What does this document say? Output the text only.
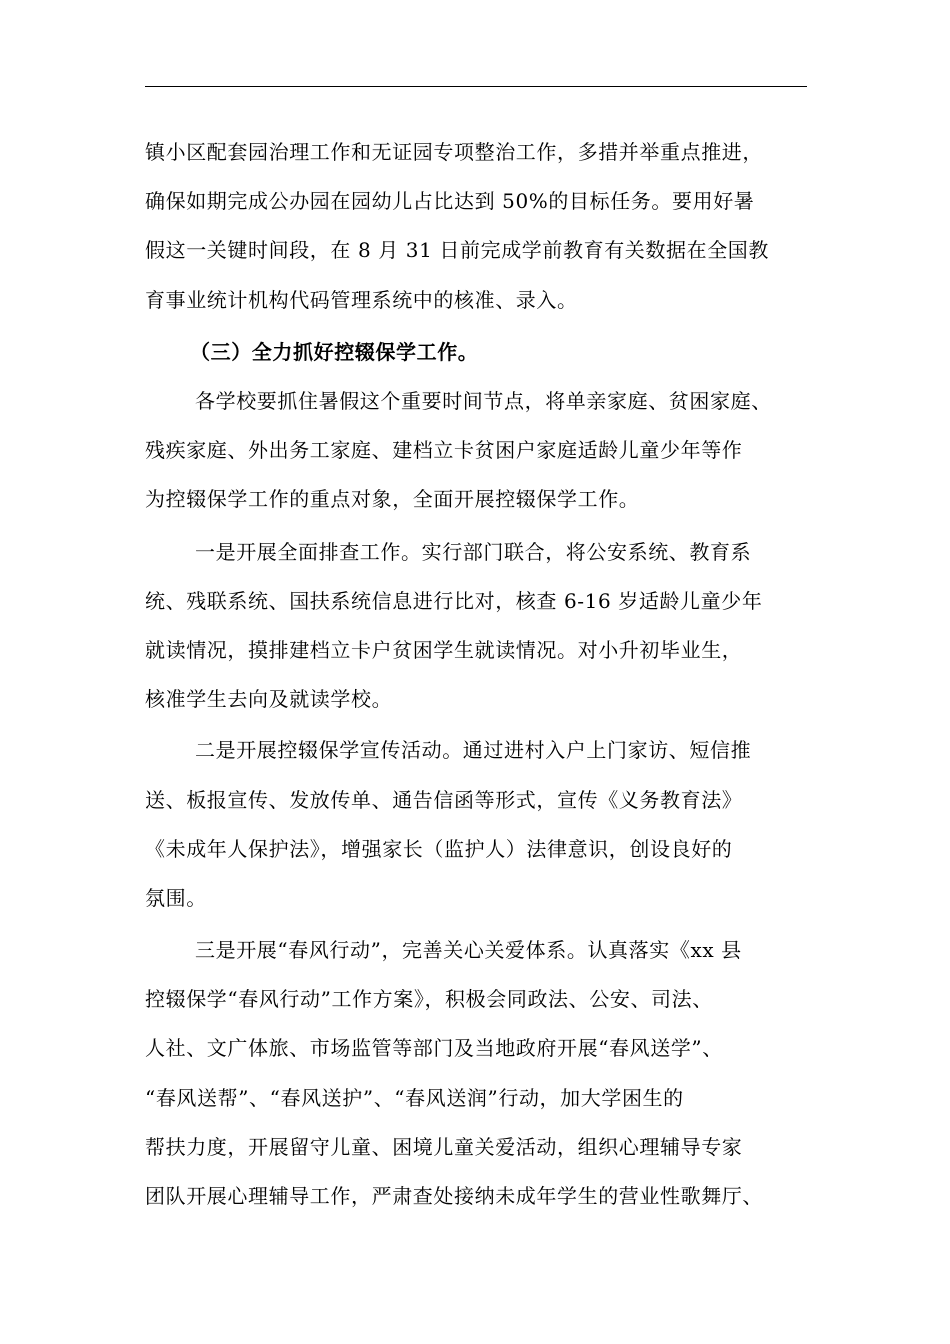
镇小区配套园治理工作和无证园专项整治工作，多措并举重点推进，
确保如期完成公办园在园幼儿占比达到 50%的目标任务。要用好暑
假这一关键时间段，在 8 月 31 日前完成学前教育有关数据在全国教
育事业统计机构代码管理系统中的核准、录入。
（三）全力抓好控辍保学工作。
各学校要抓住暑假这个重要时间节点，将单亲家庭、贫困家庭、
残疾家庭、外出务工家庭、建档立卡贫困户家庭适龄儿童少年等作
为控辍保学工作的重点对象，全面开展控辍保学工作。
一是开展全面排查工作。实行部门联合，将公安系统、教育系
统、残联系统、国扶系统信息进行比对，核查 6-16 岁适龄儿童少年
就读情况，摸排建档立卡户贫困学生就读情况。对小升初毕业生，
核准学生去向及就读学校。
二是开展控辍保学宣传活动。通过进村入户上门家访、短信推
送、板报宣传、发放传单、通告信函等形式，宣传《义务教育法》
《未成年人保护法》，增强家长（监护人）法律意识，创设良好的
氛围。
三是开展“春风行动”，完善关心关爱体系。认真落实《xx 县
控辍保学“春风行动”工作方案》，积极会同政法、公安、司法、
人社、文广体旅、市场监管等部门及当地政府开展“春风送学”、
“春风送帮”、“春风送护”、“春风送润”行动，加大学困生的
帮扶力度，开展留守儿童、困境儿童关爱活动，组织心理辅导专家
团队开展心理辅导工作，严肃查处接纳未成年学生的营业性歌舞厅、
